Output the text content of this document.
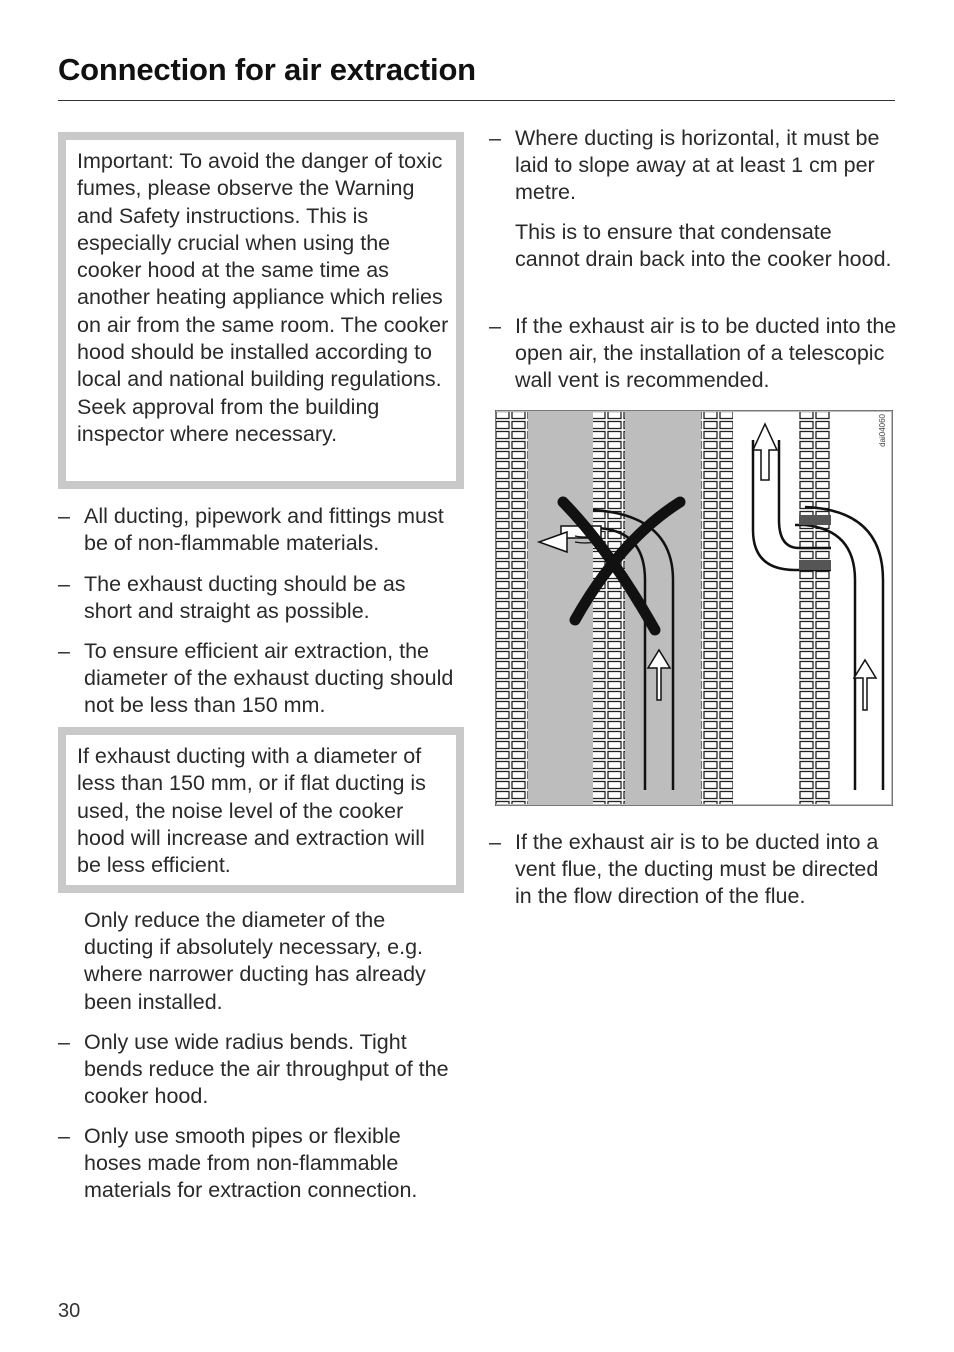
Connection for air extraction
Important: To avoid the danger of toxic fumes, please observe the Warning and Safety instructions. This is especially crucial when using the cooker hood at the same time as another heating appliance which relies on air from the same room. The cooker hood should be installed according to local and national building regulations. Seek approval from the building inspector where necessary.
– All ducting, pipework and fittings must be of non-flammable materials.
– The exhaust ducting should be as short and straight as possible.
– To ensure efficient air extraction, the diameter of the exhaust ducting should not be less than 150 mm.
If exhaust ducting with a diameter of less than 150 mm, or if flat ducting is used, the noise level of the cooker hood will increase and extraction will be less efficient.
Only reduce the diameter of the ducting if absolutely necessary, e.g. where narrower ducting has already been installed.
– Only use wide radius bends. Tight bends reduce the air throughput of the cooker hood.
– Only use smooth pipes or flexible hoses made from non-flammable materials for extraction connection.
– Where ducting is horizontal, it must be laid to slope away at at least 1 cm per metre.
This is to ensure that condensate cannot drain back into the cooker hood.
– If the exhaust air is to be ducted into the open air, the installation of a telescopic wall vent is recommended.
dai04060
– If the exhaust air is to be ducted into a vent flue, the ducting must be directed in the flow direction of the flue.
30
